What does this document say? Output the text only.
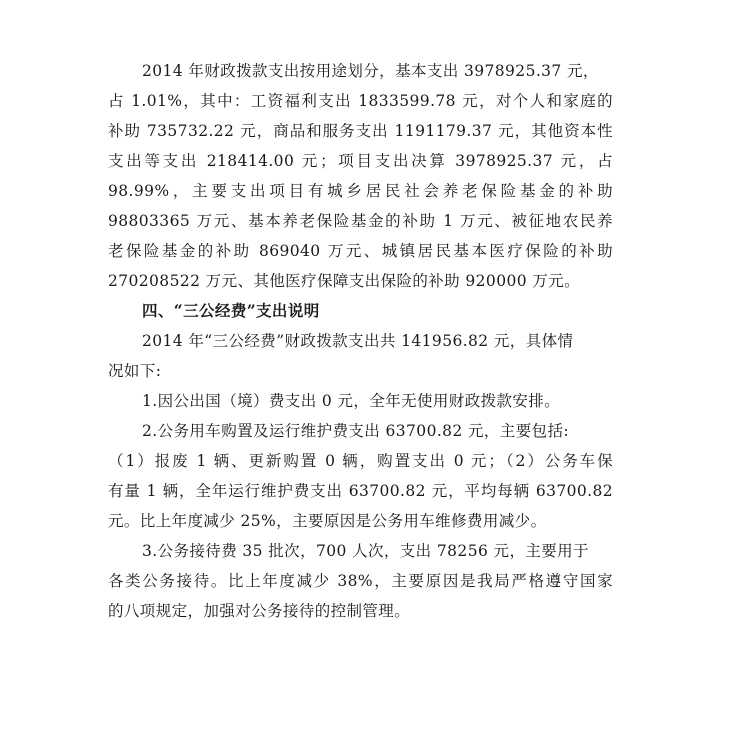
2014 年财政拨款支出按用途划分，基本支出 3978925.37 元，
占 1.01%，其中：工资福利支出 1833599.78 元，对个人和家庭的
补助 735732.22 元，商品和服务支出 1191179.37 元，其他资本性
支出等支出 218414.00 元；项目支出决算 3978925.37 元，占
98.99%，主要支出项目有城乡居民社会养老保险基金的补助
98803365 万元、基本养老保险基金的补助 1 万元、被征地农民养
老保险基金的补助 869040 万元、城镇居民基本医疗保险的补助
270208522 万元、其他医疗保障支出保险的补助 920000 万元。
四、“三公经费”支出说明
2014 年“三公经费”财政拨款支出共 141956.82 元，具体情
况如下:
1.因公出国（境）费支出 0 元，全年无使用财政拨款安排。
2.公务用车购置及运行维护费支出 63700.82 元，主要包括:
（1）报废 1 辆、更新购置 0 辆，购置支出 0 元；（2）公务车保
有量 1 辆，全年运行维护费支出 63700.82 元，平均每辆 63700.82
元。比上年度减少 25%，主要原因是公务用车维修费用减少。
3.公务接待费 35 批次，700 人次，支出 78256 元，主要用于
各类公务接待。比上年度减少 38%，主要原因是我局严格遵守国家
的八项规定，加强对公务接待的控制管理。
